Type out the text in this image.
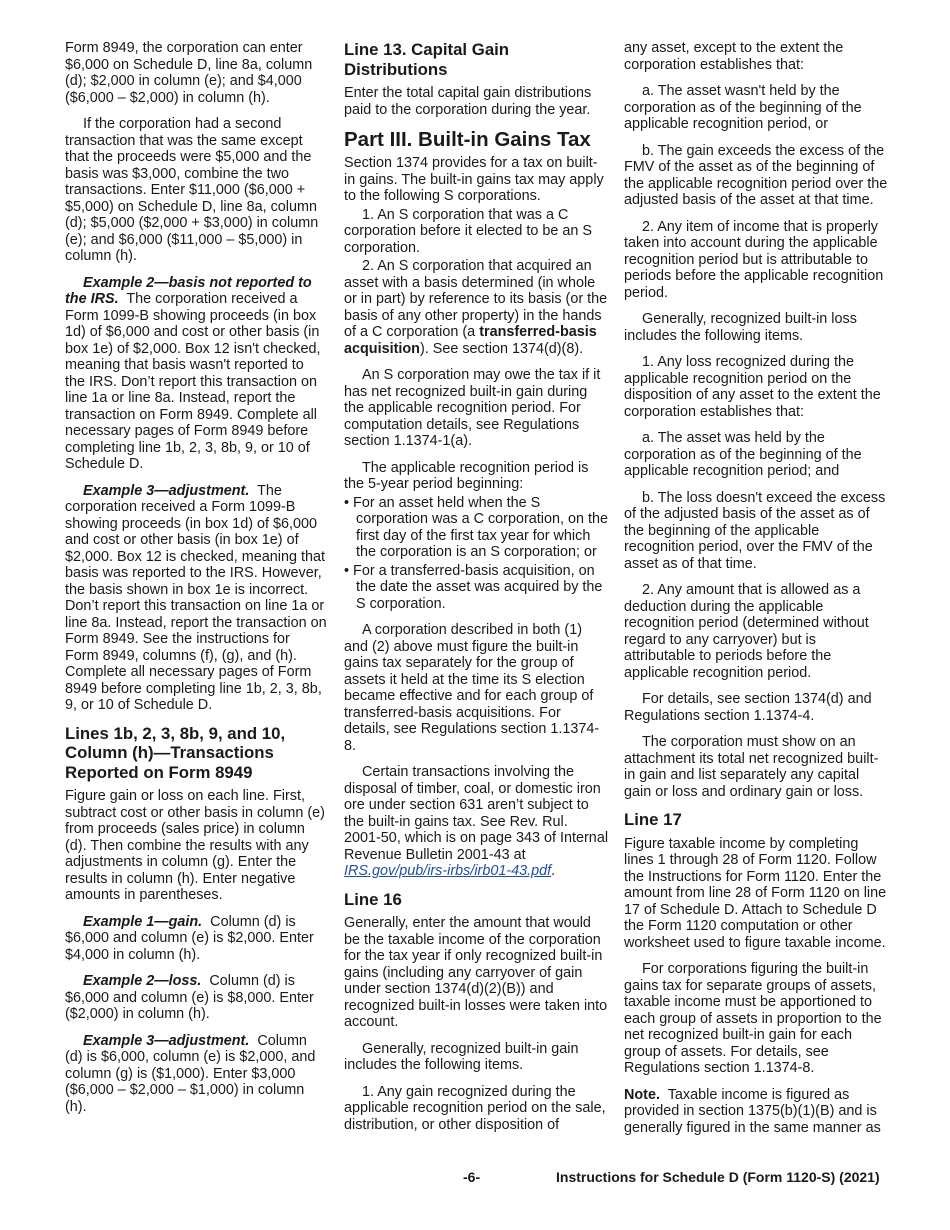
Form 8949, the corporation can enter $6,000 on Schedule D, line 8a, column (d); $2,000 in column (e); and $4,000 ($6,000 – $2,000) in column (h).

If the corporation had a second transaction that was the same except that the proceeds were $5,000 and the basis was $3,000, combine the two transactions. Enter $11,000 ($6,000 + $5,000) on Schedule D, line 8a, column (d); $5,000 ($2,000 + $3,000) in column (e); and $6,000 ($11,000 – $5,000) in column (h).

Example 2—basis not reported to the IRS. The corporation received a Form 1099-B showing proceeds (in box 1d) of $6,000 and cost or other basis (in box 1e) of $2,000. Box 12 isn't checked, meaning that basis wasn't reported to the IRS. Don’t report this transaction on line 1a or line 8a. Instead, report the transaction on Form 8949. Complete all necessary pages of Form 8949 before completing line 1b, 2, 3, 8b, 9, or 10 of Schedule D.

Example 3—adjustment. The corporation received a Form 1099-B showing proceeds (in box 1d) of $6,000 and cost or other basis (in box 1e) of $2,000. Box 12 is checked, meaning that basis was reported to the IRS. However, the basis shown in box 1e is incorrect. Don’t report this transaction on line 1a or line 8a. Instead, report the transaction on Form 8949. See the instructions for Form 8949, columns (f), (g), and (h). Complete all necessary pages of Form 8949 before completing line 1b, 2, 3, 8b, 9, or 10 of Schedule D.

Lines 1b, 2, 3, 8b, 9, and 10, Column (h)—Transactions Reported on Form 8949

Figure gain or loss on each line. First, subtract cost or other basis in column (e) from proceeds (sales price) in column (d). Then combine the results with any adjustments in column (g). Enter the results in column (h). Enter negative amounts in parentheses.

Example 1—gain. Column (d) is $6,000 and column (e) is $2,000. Enter $4,000 in column (h).

Example 2—loss. Column (d) is $6,000 and column (e) is $8,000. Enter ($2,000) in column (h).

Example 3—adjustment. Column (d) is $6,000, column (e) is $2,000, and column (g) is ($1,000). Enter $3,000 ($6,000 – $2,000 – $1,000) in column (h).

Line 13. Capital Gain Distributions

Enter the total capital gain distributions paid to the corporation during the year.

Part III. Built-in Gains Tax

Section 1374 provides for a tax on built-in gains. The built-in gains tax may apply to the following S corporations.

1. An S corporation that was a C corporation before it elected to be an S corporation.

2. An S corporation that acquired an asset with a basis determined (in whole or in part) by reference to its basis (or the basis of any other property) in the hands of a C corporation (a transferred-basis acquisition). See section 1374(d)(8).

An S corporation may owe the tax if it has net recognized built-in gain during the applicable recognition period. For computation details, see Regulations section 1.1374-1(a).

The applicable recognition period is the 5-year period beginning:

• For an asset held when the S corporation was a C corporation, on the first day of the first tax year for which the corporation is an S corporation; or

• For a transferred-basis acquisition, on the date the asset was acquired by the S corporation.

A corporation described in both (1) and (2) above must figure the built-in gains tax separately for the group of assets it held at the time its S election became effective and for each group of transferred-basis acquisitions. For details, see Regulations section 1.1374-8.

Certain transactions involving the disposal of timber, coal, or domestic iron ore under section 631 aren’t subject to the built-in gains tax. See Rev. Rul. 2001-50, which is on page 343 of Internal Revenue Bulletin 2001-43 at IRS.gov/pub/irs-irbs/irb01-43.pdf.

Line 16

Generally, enter the amount that would be the taxable income of the corporation for the tax year if only recognized built-in gains (including any carryover of gain under section 1374(d)(2)(B)) and recognized built-in losses were taken into account.

Generally, recognized built-in gain includes the following items.

1. Any gain recognized during the applicable recognition period on the sale, distribution, or other disposition of

any asset, except to the extent the corporation establishes that:

a. The asset wasn't held by the corporation as of the beginning of the applicable recognition period, or

b. The gain exceeds the excess of the FMV of the asset as of the beginning of the applicable recognition period over the adjusted basis of the asset at that time.

2. Any item of income that is properly taken into account during the applicable recognition period but is attributable to periods before the applicable recognition period.

Generally, recognized built-in loss includes the following items.

1. Any loss recognized during the applicable recognition period on the disposition of any asset to the extent the corporation establishes that:

a. The asset was held by the corporation as of the beginning of the applicable recognition period; and

b. The loss doesn't exceed the excess of the adjusted basis of the asset as of the beginning of the applicable recognition period, over the FMV of the asset as of that time.

2. Any amount that is allowed as a deduction during the applicable recognition period (determined without regard to any carryover) but is attributable to periods before the applicable recognition period.

For details, see section 1374(d) and Regulations section 1.1374-4.

The corporation must show on an attachment its total net recognized built-in gain and list separately any capital gain or loss and ordinary gain or loss.

Line 17

Figure taxable income by completing lines 1 through 28 of Form 1120. Follow the Instructions for Form 1120. Enter the amount from line 28 of Form 1120 on line 17 of Schedule D. Attach to Schedule D the Form 1120 computation or other worksheet used to figure taxable income.

For corporations figuring the built-in gains tax for separate groups of assets, taxable income must be apportioned to each group of assets in proportion to the net recognized built-in gain for each group of assets. For details, see Regulations section 1.1374-8.

Note. Taxable income is figured as provided in section 1375(b)(1)(B) and is generally figured in the same manner as

-6-	Instructions for Schedule D (Form 1120-S) (2021)
